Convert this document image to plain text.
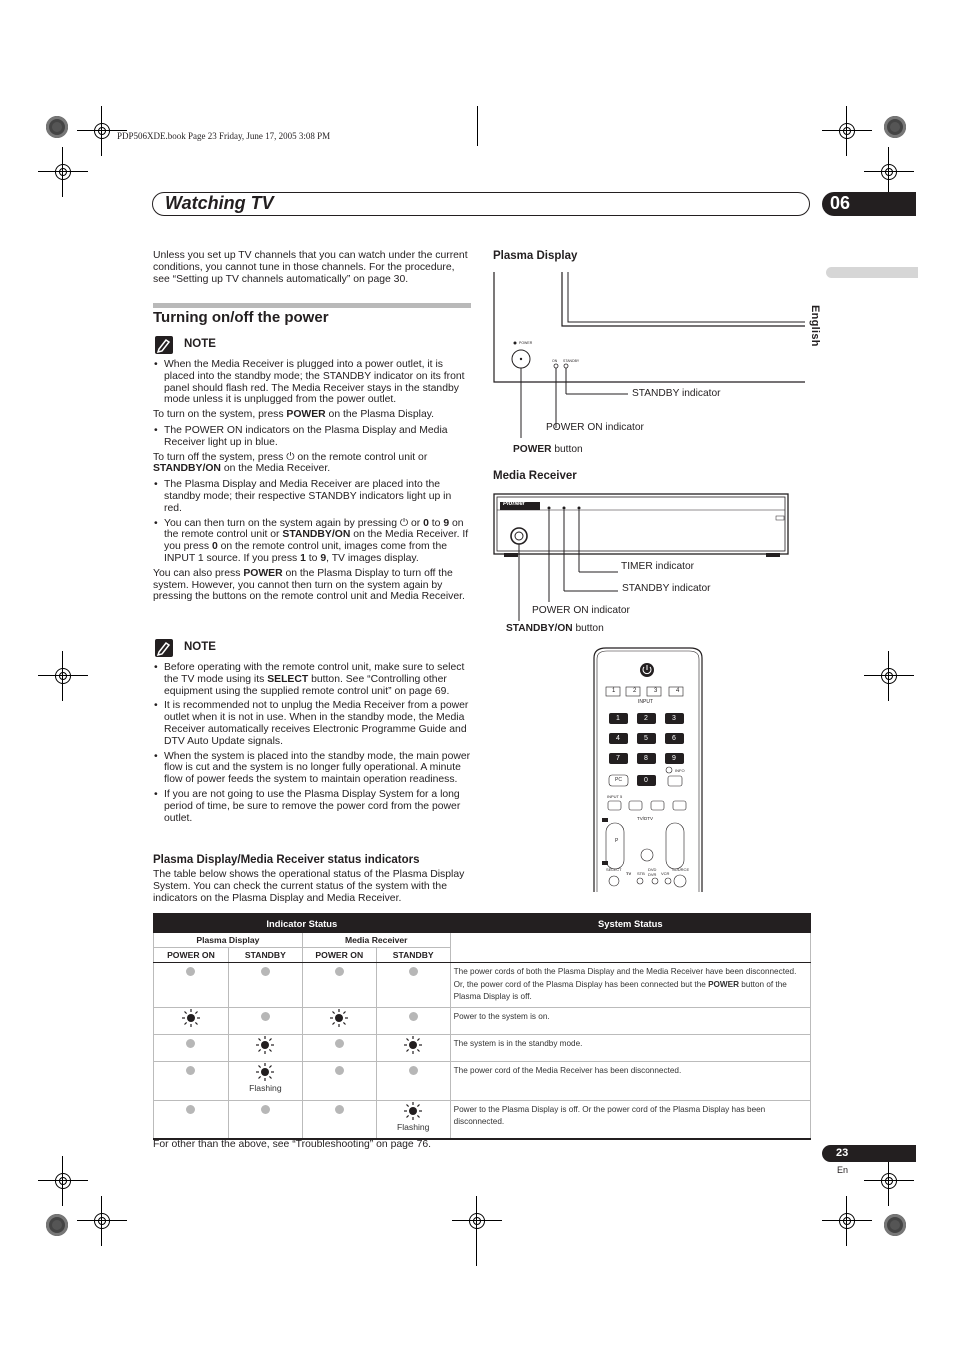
PDP506XDE.book Page 23 Friday, June 17, 2005 3:08 PM
Watching TV	06
English
Unless you set up TV channels that you can watch under the current conditions, you cannot tune in those channels. For the procedure, see “Setting up TV channels automatically” on page 30.
Turning on/off the power
NOTE
• When the Media Receiver is plugged into a power outlet, it is placed into the standby mode; the STANDBY indicator on its front panel should flash red. The Media Receiver stays in the standby mode unless it is unplugged from the power outlet.

To turn on the system, press POWER on the Plasma Display.

• The POWER ON indicators on the Plasma Display and Media Receiver light up in blue.

To turn off the system, press ⏻ on the remote control unit or STANDBY/ON on the Media Receiver.

• The Plasma Display and Media Receiver are placed into the standby mode; their respective STANDBY indicators light up in red.
• You can then turn on the system again by pressing ⏻ or 0 to 9 on the remote control unit or STANDBY/ON on the Media Receiver. If you press 0 on the remote control unit, images come from the INPUT 1 source. If you press 1 to 9, TV images display.

You can also press POWER on the Plasma Display to turn off the system. However, you cannot then turn on the system again by pressing the buttons on the remote control unit and Media Receiver.

NOTE
• Before operating with the remote control unit, make sure to select the TV mode using its SELECT button. See “Controlling other equipment using the supplied remote control unit” on page 69.
• It is recommended not to unplug the Media Receiver from a power outlet when it is not in use. When in the standby mode, the Media Receiver automatically receives Electronic Programme Guide and DTV Auto Update signals.
• When the system is placed into the standby mode, the main power flow is cut and the system is no longer fully operational. A minute flow of power feeds the system to maintain operation readiness.
• If you are not going to use the Plasma Display System for a long period of time, be sure to remove the power cord from the power outlet.
Plasma Display/Media Receiver status indicators
The table below shows the operational status of the Plasma Display System. You can check the current status of the system with the indicators on the Plasma Display and Media Receiver.
Plasma Display
POWER
ON STANDBY
STANDBY indicator
POWER ON indicator
POWER button
Media Receiver
Pioneer
TIMER indicator
STANDBY indicator
POWER ON indicator
STANDBY/ON button
1	2	3	4
INPUT
1	2	3
4	5	6
7	8	9
PC	0
INFO
INPUT 5
TV/DTV
P
SELECT
TV STB
DVD DVR	VCR
SOURCE
Indicator Status				System Status
Plasma Display		Media Receiver		
POWER ON	STANDBY	POWER ON	STANDBY	
				The power cords of both the Plasma Display and the Media Receiver have been disconnected. Or, the power cord of the Plasma Display has been connected but the POWER button of the Plasma Display is off.
				Power to the system is on.
				The system is in the standby mode.

	Flashing			The power cord of the Media Receiver has been disconnected.

			Flashing	Power to the Plasma Display is off. Or the power cord of the Plasma Display has been disconnected.
For other than the above, see “Troubleshooting” on page 76.
23
En
